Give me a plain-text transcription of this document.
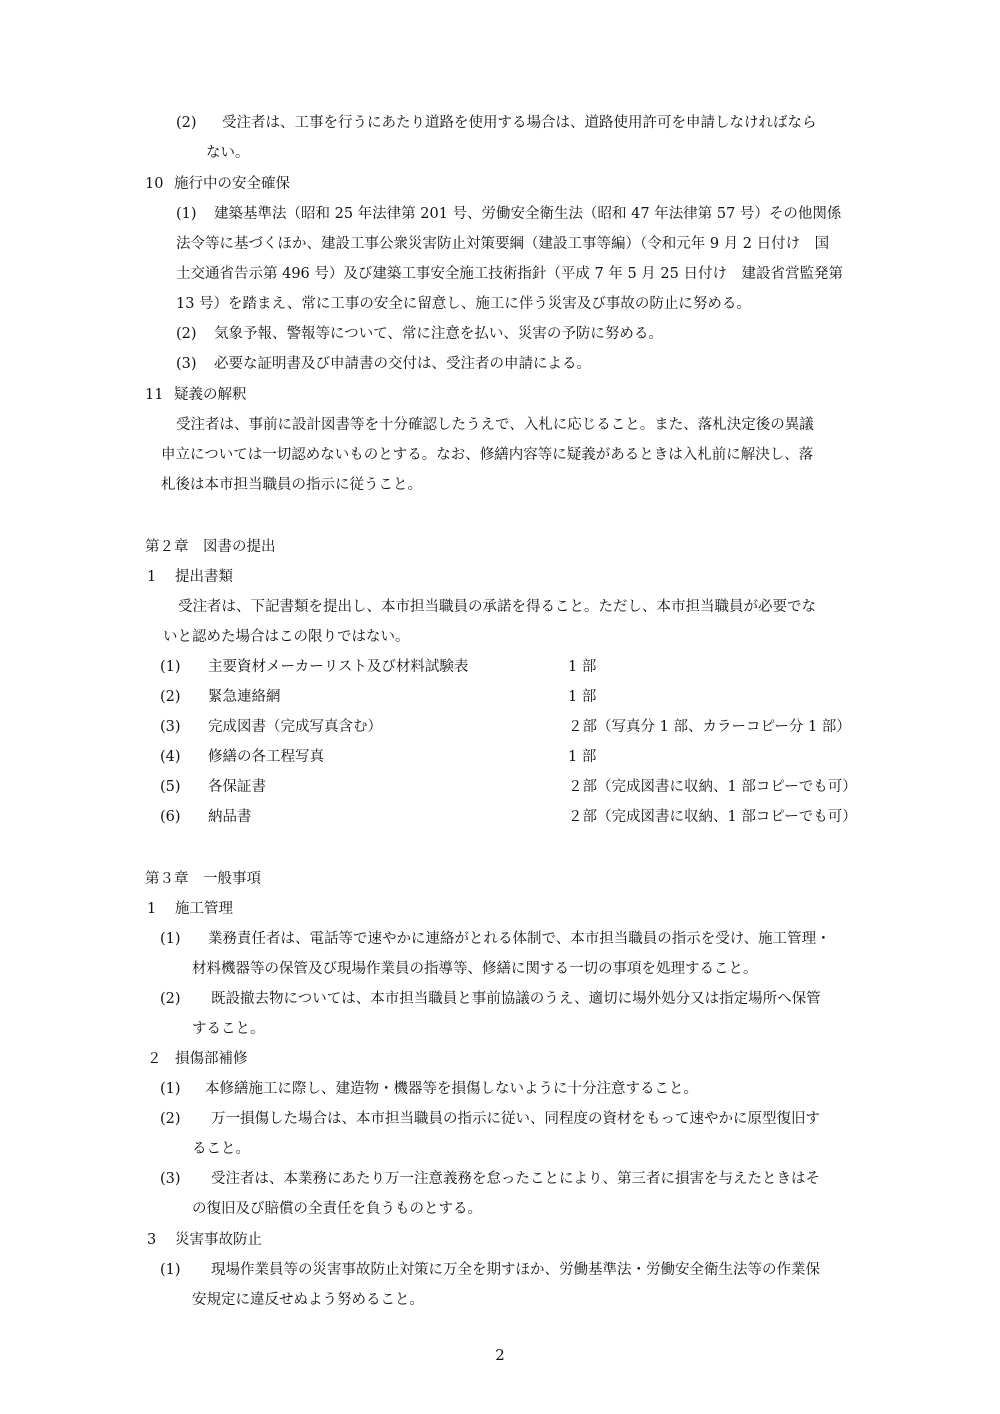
(2) 受注者は、工事を行うにあたり道路を使用する場合は、道路使用許可を申請しなければなら
ない。
10 施行中の安全確保
(1) 建築基準法（昭和 25 年法律第 201 号、労働安全衛生法（昭和 47 年法律第 57 号）その他関係
法令等に基づくほか、建設工事公衆災害防止対策要綱（建設工事等編）（令和元年 9 月 2 日付け　国
土交通省告示第 496 号）及び建築工事安全施工技術指針（平成 7 年 5 月 25 日付け　建設省営監発第
13 号）を踏まえ、常に工事の安全に留意し、施工に伴う災害及び事故の防止に努める。
(2) 気象予報、警報等について、常に注意を払い、災害の予防に努める。
(3) 必要な証明書及び申請書の交付は、受注者の申請による。
11 疑義の解釈
受注者は、事前に設計図書等を十分確認したうえで、入札に応じること。また、落札決定後の異議
申立については一切認めないものとする。なお、修繕内容等に疑義があるときは入札前に解決し、落
札後は本市担当職員の指示に従うこと。
第２章　図書の提出
1 提出書類
受注者は、下記書類を提出し、本市担当職員の承諾を得ること。ただし、本市担当職員が必要でな
いと認めた場合はこの限りではない。
(1) 主要資材メーカーリスト及び材料試験表	1 部
(2) 緊急連絡網	1 部
(3) 完成図書（完成写真含む）	２部（写真分 1 部、カラーコピー分 1 部）
(4) 修繕の各工程写真	1 部
(5) 各保証書	２部（完成図書に収納、1 部コピーでも可）
(6) 納品書	２部（完成図書に収納、1 部コピーでも可）
第３章　一般事項
1 施工管理
(1) 業務責任者は、電話等で速やかに連絡がとれる体制で、本市担当職員の指示を受け、施工管理・
材料機器等の保管及び現場作業員の指導等、修繕に関する一切の事項を処理すること。
(2) 既設撤去物については、本市担当職員と事前協議のうえ、適切に場外処分又は指定場所へ保管
すること。
２ 損傷部補修
(1) 本修繕施工に際し、建造物・機器等を損傷しないように十分注意すること。
(2) 万一損傷した場合は、本市担当職員の指示に従い、同程度の資材をもって速やかに原型復旧す
ること。
(3) 受注者は、本業務にあたり万一注意義務を怠ったことにより、第三者に損害を与えたときはそ
の復旧及び賠償の全責任を負うものとする。
3 災害事故防止
(1) 現場作業員等の災害事故防止対策に万全を期すほか、労働基準法・労働安全衛生法等の作業保
安規定に違反せぬよう努めること。
2
